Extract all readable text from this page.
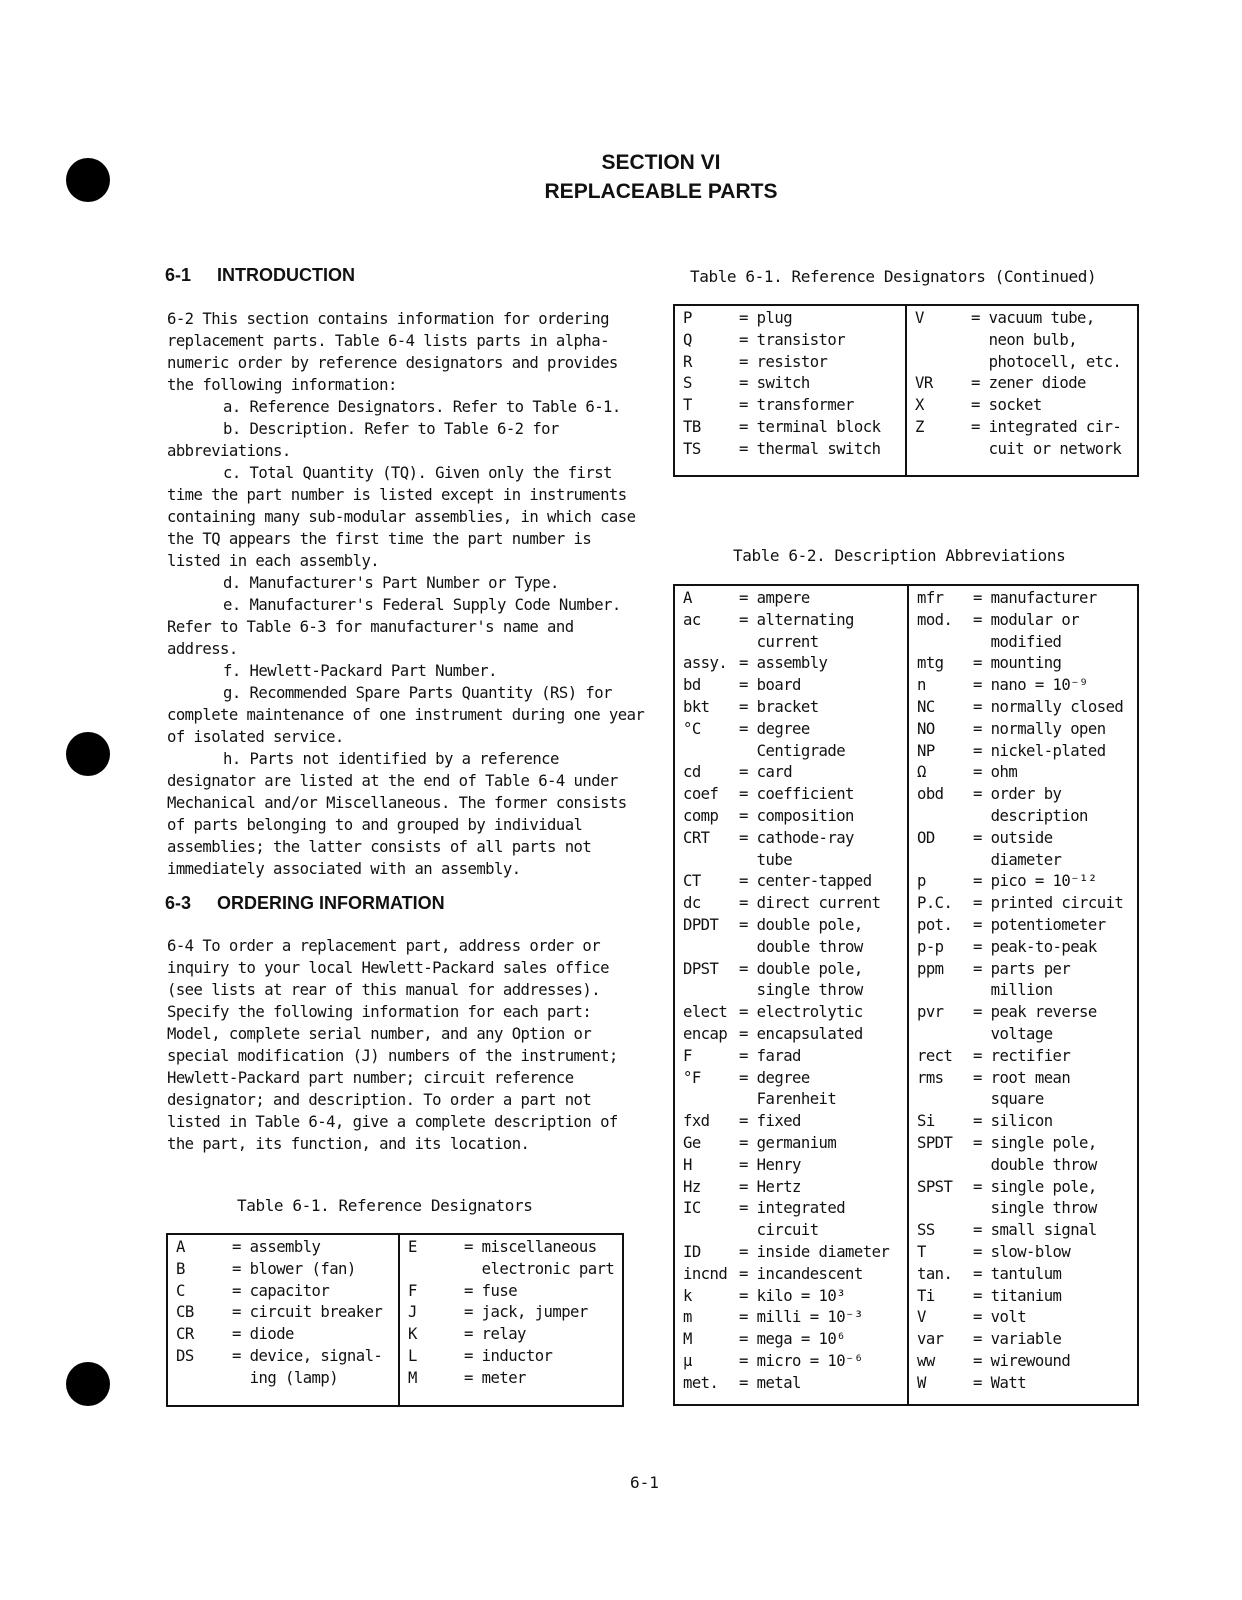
SECTION VI
REPLACEABLE PARTS
6-1 INTRODUCTION

6-2 This section contains information for ordering replacement parts. Table 6-4 lists parts in alpha-numeric order by reference designators and provides the following information:

a. Reference Designators. Refer to Table 6-1.

b. Description. Refer to Table 6-2 for abbreviations.

c. Total Quantity (TQ). Given only the first time the part number is listed except in instruments containing many sub-modular assemblies, in which case the TQ appears the first time the part number is listed in each assembly.

d. Manufacturer's Part Number or Type.

e. Manufacturer's Federal Supply Code Number. Refer to Table 6-3 for manufacturer's name and address.

f. Hewlett-Packard Part Number.

g. Recommended Spare Parts Quantity (RS) for complete maintenance of one instrument during one year of isolated service.

h. Parts not identified by a reference designator are listed at the end of Table 6-4 under Mechanical and/or Miscellaneous. The former consists of parts belonging to and grouped by individual assemblies; the latter consists of all parts not immediately associated with an assembly.

6-3 ORDERING INFORMATION

6-4 To order a replacement part, address order or inquiry to your local Hewlett-Packard sales office (see lists at rear of this manual for addresses). Specify the following information for each part: Model, complete serial number, and any Option or special modification (J) numbers of the instrument; Hewlett-Packard part number; circuit reference designator; and description. To order a part not listed in Table 6-4, give a complete description of the part, its function, and its location.

Table 6-1. Reference Designators
A	= assembly
B	= blower (fan)
C	= capacitor
CB	= circuit breaker
CR	= diode
DS	= device, signal-
ing (lamp)
E	= miscellaneous
electronic part
F	= fuse
J	= jack, jumper
K	= relay
L	= inductor
M	= meter
Table 6-1. Reference Designators (Continued)
P	= plug
Q	= transistor
R	= resistor
S	= switch
T	= transformer
TB	= terminal block
TS	= thermal switch
V	= vacuum tube,
neon bulb,
photocell, etc.
VR	= zener diode
X	= socket
Z	= integrated cir-
cuit or network
Table 6-2. Description Abbreviations
A	= ampere
ac	= alternating
current
assy. = assembly
bd	= board
bkt	= bracket
°C	= degree
Centigrade
cd	= card
coef	= coefficient
comp	= composition
CRT	= cathode-ray
tube
CT	= center-tapped
dc	= direct current
DPDT	= double pole,
double throw
DPST	= double pole,
single throw
elect = electrolytic
encap = encapsulated
F	= farad
°F	= degree
Farenheit
fxd	= fixed
Ge	= germanium
H	= Henry
Hz	= Hertz
IC	= integrated
circuit
ID	= inside diameter
incnd = incandescent
k	= kilo = 10³
m	= milli = 10⁻³
M	= mega = 10⁶
µ	= micro = 10⁻⁶
met.	= metal
mfr	= manufacturer
mod.	= modular or
modified
mtg	= mounting
n	= nano = 10⁻⁹
NC	= normally closed
NO	= normally open
NP	= nickel-plated
Ω	= ohm
obd	= order by
description
OD	= outside
diameter
p	= pico = 10⁻¹²
P.C.	= printed circuit
pot.	= potentiometer
p-p	= peak-to-peak
ppm	= parts per
million
pvr	= peak reverse
voltage
rect	= rectifier
rms	= root mean
square
Si	= silicon
SPDT	= single pole,
double throw
SPST	= single pole,
single throw
SS	= small signal
T	= slow-blow
tan.	= tantulum
Ti	= titanium
V	= volt
var	= variable
ww	= wirewound
W	= Watt
6-1
